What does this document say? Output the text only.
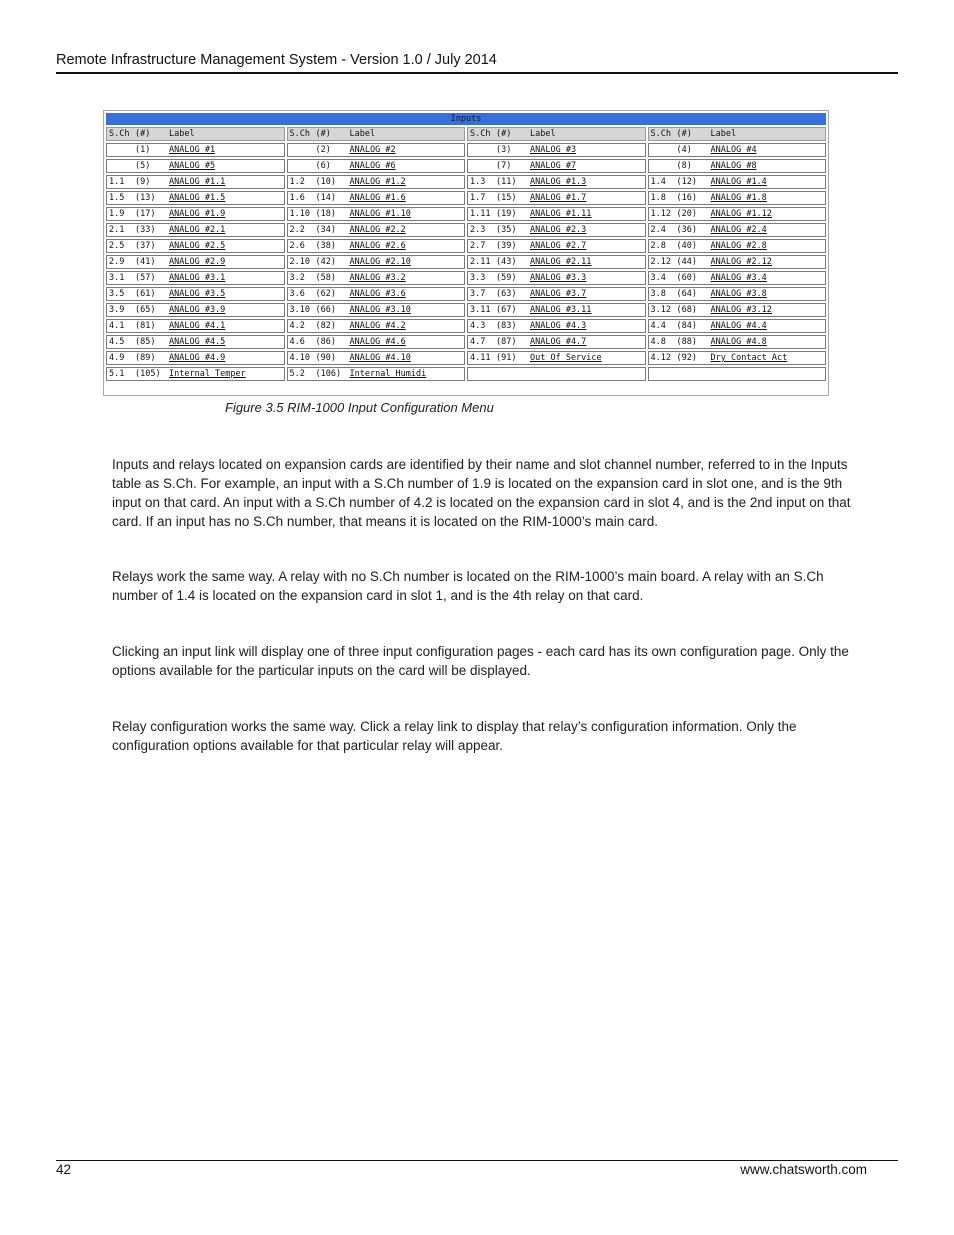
Remote Infrastructure Management System - Version 1.0 / July 2014
Inputs			
S.Ch (#) Label	S.Ch (#) Label	S.Ch (#) Label	S.Ch (#) Label
(1) ANALOG #1	(2) ANALOG #2	(3) ANALOG #3	(4) ANALOG #4
(5) ANALOG #5	(6) ANALOG #6	(7) ANALOG #7	(8) ANALOG #8
1.1 (9) ANALOG #1.1	1.2 (10) ANALOG #1.2	1.3 (11) ANALOG #1.3	1.4 (12) ANALOG #1.4
1.5 (13) ANALOG #1.5	1.6 (14) ANALOG #1.6	1.7 (15) ANALOG #1.7	1.8 (16) ANALOG #1.8
1.9 (17) ANALOG #1.9	1.10 (18) ANALOG #1.10	1.11 (19) ANALOG #1.11	1.12 (20) ANALOG #1.12
2.1 (33) ANALOG #2.1	2.2 (34) ANALOG #2.2	2.3 (35) ANALOG #2.3	2.4 (36) ANALOG #2.4
2.5 (37) ANALOG #2.5	2.6 (38) ANALOG #2.6	2.7 (39) ANALOG #2.7	2.8 (40) ANALOG #2.8
2.9 (41) ANALOG #2.9	2.10 (42) ANALOG #2.10	2.11 (43) ANALOG #2.11	2.12 (44) ANALOG #2.12
3.1 (57) ANALOG #3.1	3.2 (58) ANALOG #3.2	3.3 (59) ANALOG #3.3	3.4 (60) ANALOG #3.4
3.5 (61) ANALOG #3.5	3.6 (62) ANALOG #3.6	3.7 (63) ANALOG #3.7	3.8 (64) ANALOG #3.8
3.9 (65) ANALOG #3.9	3.10 (66) ANALOG #3.10	3.11 (67) ANALOG #3.11	3.12 (68) ANALOG #3.12
4.1 (81) ANALOG #4.1	4.2 (82) ANALOG #4.2	4.3 (83) ANALOG #4.3	4.4 (84) ANALOG #4.4
4.5 (85) ANALOG #4.5	4.6 (86) ANALOG #4.6	4.7 (87) ANALOG #4.7	4.8 (88) ANALOG #4.8
4.9 (89) ANALOG #4.9	4.10 (90) ANALOG #4.10	4.11 (91) Out Of Service	4.12 (92) Dry Contact Act
5.1 (105) Internal Temper	5.2 (106) Internal Humidi		
Figure 3.5 RIM-1000 Input Configuration Menu

Inputs and relays located on expansion cards are identified by their name and slot channel number, referred to in the Inputs table as S.Ch. For example, an input with a S.Ch number of 1.9 is located on the expansion card in slot one, and is the 9th input on that card. An input with a S.Ch number of 4.2 is located on the expansion card in slot 4, and is the 2nd input on that card. If an input has no S.Ch number, that means it is located on the RIM-1000’s main card.

Relays work the same way. A relay with no S.Ch number is located on the RIM-1000’s main board. A relay with an S.Ch number of 1.4 is located on the expansion card in slot 1, and is the 4th relay on that card.

Clicking an input link will display one of three input configuration pages - each card has its own configuration page. Only the options available for the particular inputs on the card will be displayed.

Relay configuration works the same way. Click a relay link to display that relay’s configuration information. Only the configuration options available for that particular relay will appear.

42	www.chatsworth.com
